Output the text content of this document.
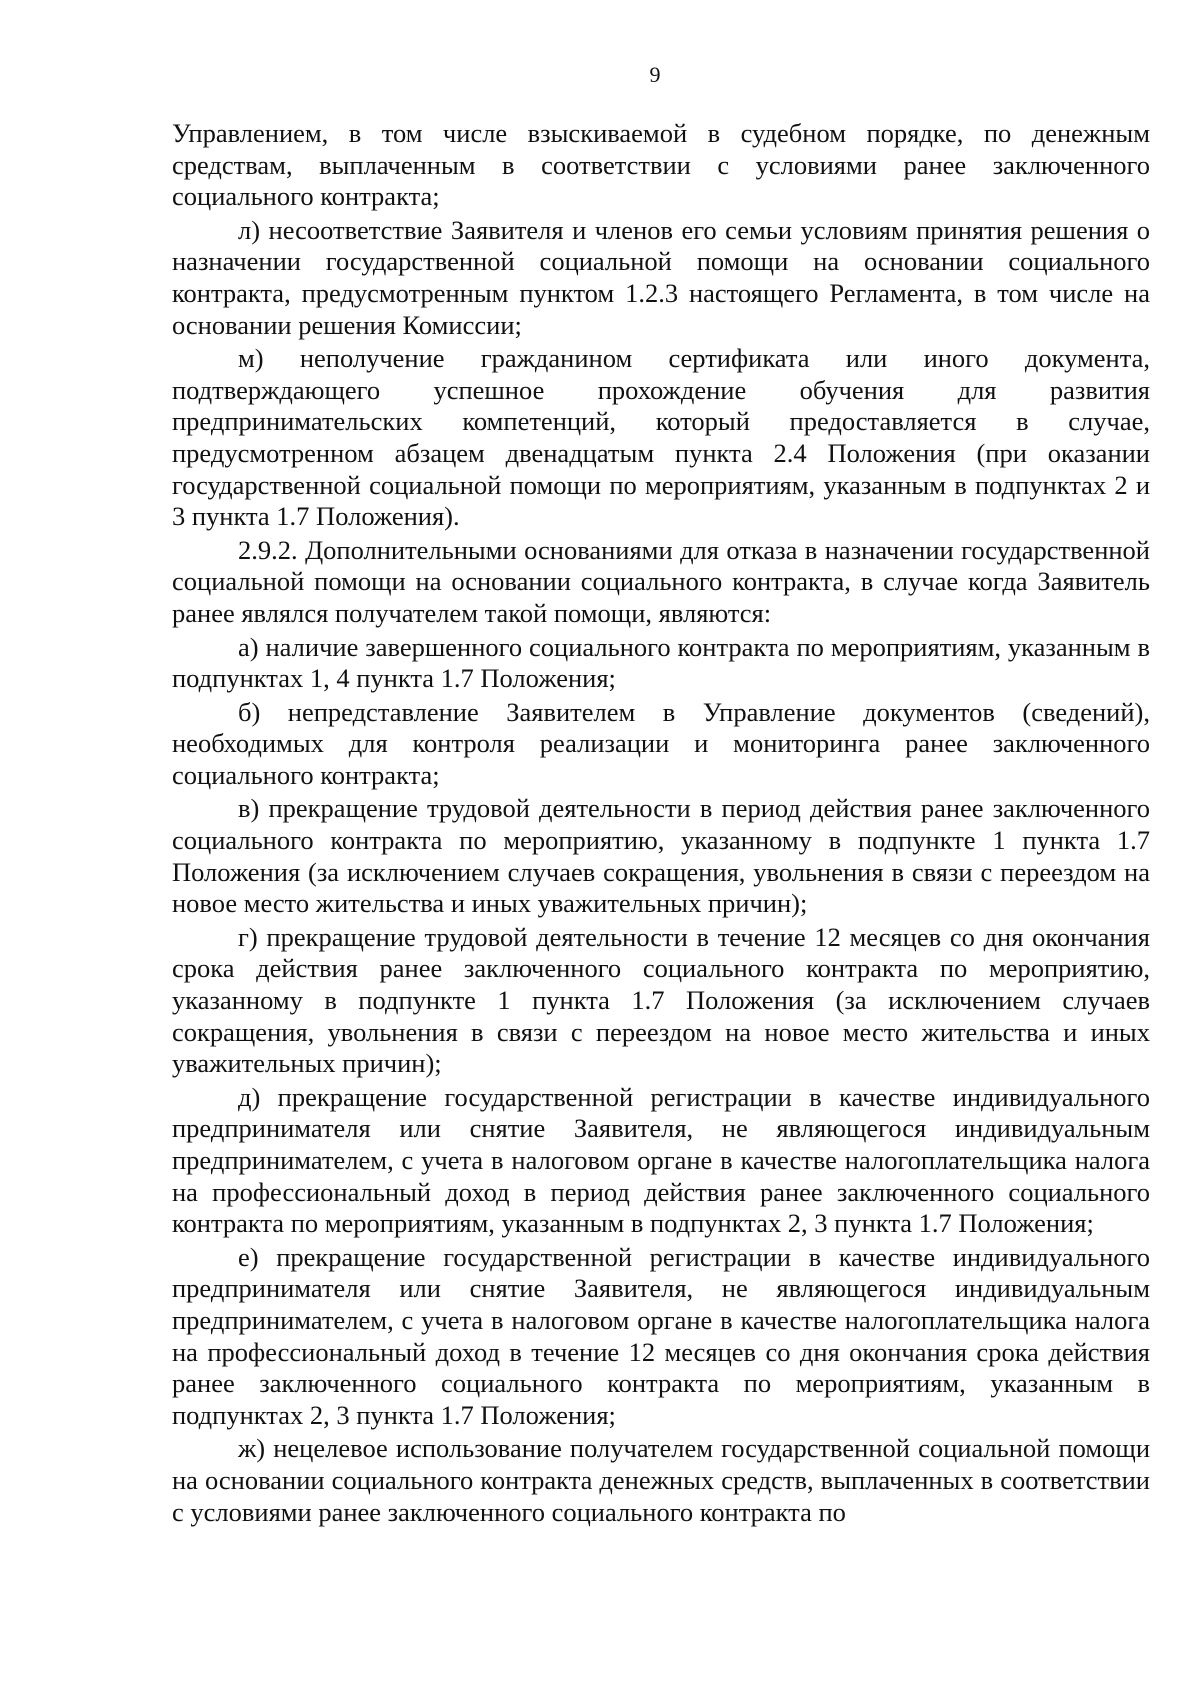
9

Управлением, в том числе взыскиваемой в судебном порядке, по денежным средствам, выплаченным в соответствии с условиями ранее заключенного социального контракта;

л) несоответствие Заявителя и членов его семьи условиям принятия решения о назначении государственной социальной помощи на основании социального контракта, предусмотренным пунктом 1.2.3 настоящего Регламента, в том числе на основании решения Комиссии;

м) неполучение гражданином сертификата или иного документа, подтверждающего успешное прохождение обучения для развития предпринимательских компетенций, который предоставляется в случае, предусмотренном абзацем двенадцатым пункта 2.4 Положения (при оказании государственной социальной помощи по мероприятиям, указанным в подпунктах 2 и 3 пункта 1.7 Положения).

2.9.2. Дополнительными основаниями для отказа в назначении государственной социальной помощи на основании социального контракта, в случае когда Заявитель ранее являлся получателем такой помощи, являются:

а) наличие завершенного социального контракта по мероприятиям, указанным в подпунктах 1, 4 пункта 1.7 Положения;

б) непредставление Заявителем в Управление документов (сведений), необходимых для контроля реализации и мониторинга ранее заключенного социального контракта;

в) прекращение трудовой деятельности в период действия ранее заключенного социального контракта по мероприятию, указанному в подпункте 1 пункта 1.7 Положения (за исключением случаев сокращения, увольнения в связи с переездом на новое место жительства и иных уважительных причин);

г) прекращение трудовой деятельности в течение 12 месяцев со дня окончания срока действия ранее заключенного социального контракта по мероприятию, указанному в подпункте 1 пункта 1.7 Положения (за исключением случаев сокращения, увольнения в связи с переездом на новое место жительства и иных уважительных причин);

д) прекращение государственной регистрации в качестве индивидуального предпринимателя или снятие Заявителя, не являющегося индивидуальным предпринимателем, с учета в налоговом органе в качестве налогоплательщика налога на профессиональный доход в период действия ранее заключенного социального контракта по мероприятиям, указанным в подпунктах 2, 3 пункта 1.7 Положения;

е) прекращение государственной регистрации в качестве индивидуального предпринимателя или снятие Заявителя, не являющегося индивидуальным предпринимателем, с учета в налоговом органе в качестве налогоплательщика налога на профессиональный доход в течение 12 месяцев со дня окончания срока действия ранее заключенного социального контракта по мероприятиям, указанным в подпунктах 2, 3 пункта 1.7 Положения;

ж) нецелевое использование получателем государственной социальной помощи на основании социального контракта денежных средств, выплаченных в соответствии с условиями ранее заключенного социального контракта по
